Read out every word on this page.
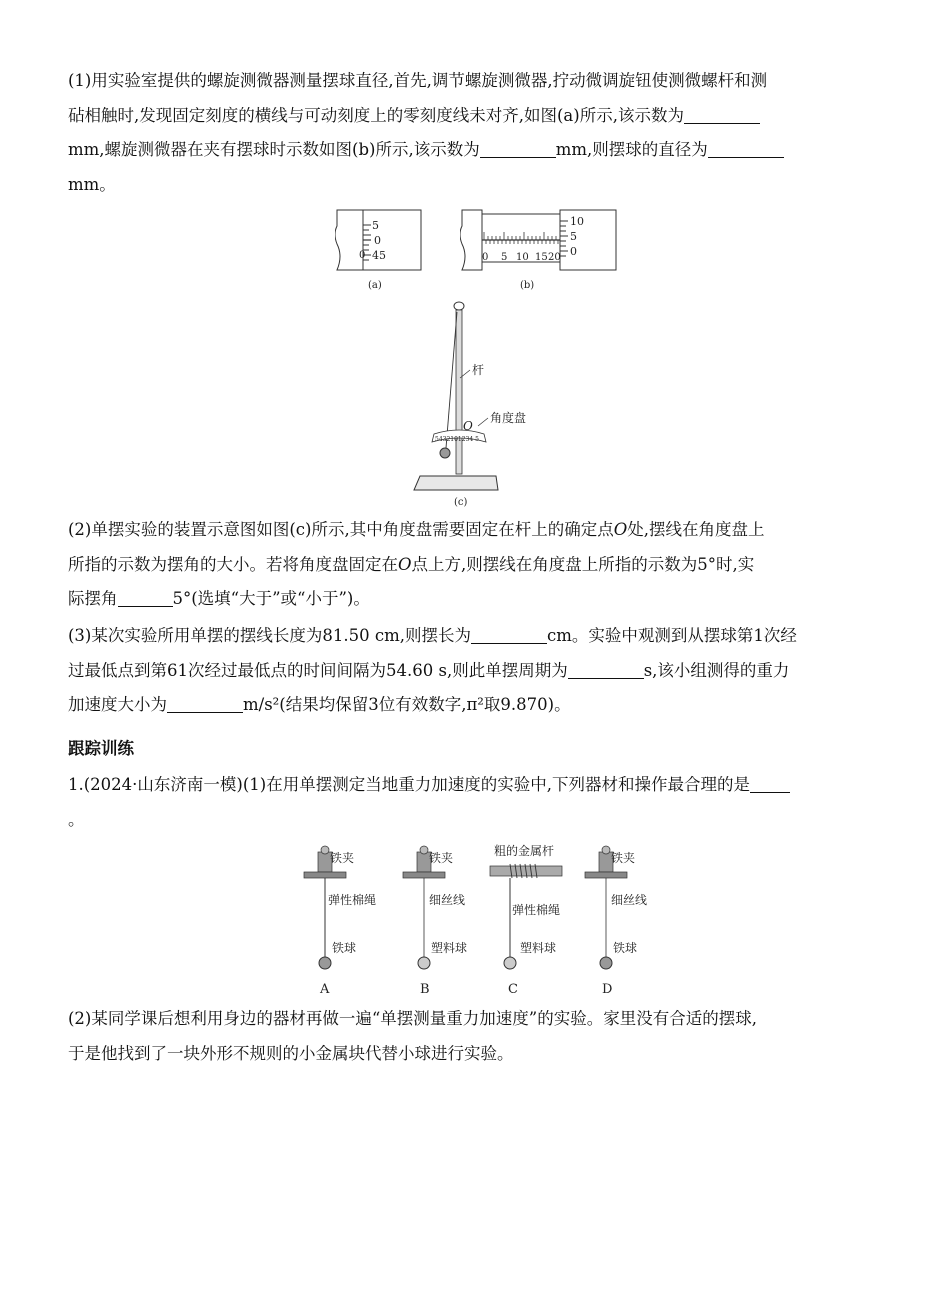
(1)用实验室提供的螺旋测微器测量摆球直径,首先,调节螺旋测微器,拧动微调旋钮使测微螺杆和测
砧相触时,发现固定刻度的横线与可动刻度上的零刻度线未对齐,如图(a)所示,该示数为
mm,螺旋测微器在夹有摆球时示数如图(b)所示,该示数为	mm,则摆球的直径为
mm。
5
0
45
0
(a)
10
5
0
0 5 10 15 20
(b)
5432101234 5
杆
O
角度盘
(c)
(2)单摆实验的装置示意图如图(c)所示,其中角度盘需要固定在杆上的确定点O处,摆线在角度盘上
所指的示数为摆角的大小。若将角度盘固定在O点上方,则摆线在角度盘上所指的示数为5°时,实
际摆角	5°(选填“大于”或“小于”)。
(3)某次实验所用单摆的摆线长度为81.50 cm,则摆长为	cm。实验中观测到从摆球第1次经
过最低点到第61次经过最低点的时间间隔为54.60 s,则此单摆周期为	s,该小组测得的重力
加速度大小为	m/s²(结果均保留3位有效数字,π²取9.870)。
跟踪训练
1.(2024·山东济南一模)(1)在用单摆测定当地重力加速度的实验中,下列器材和操作最合理的是
。
铁夹
弹性棉绳
铁球
A
铁夹
细丝线
塑料球
B
粗的金属杆
弹性棉绳
塑料球
C
铁夹
细丝线
铁球
D
(2)某同学课后想利用身边的器材再做一遍“单摆测量重力加速度”的实验。家里没有合适的摆球,
于是他找到了一块外形不规则的小金属块代替小球进行实验。
